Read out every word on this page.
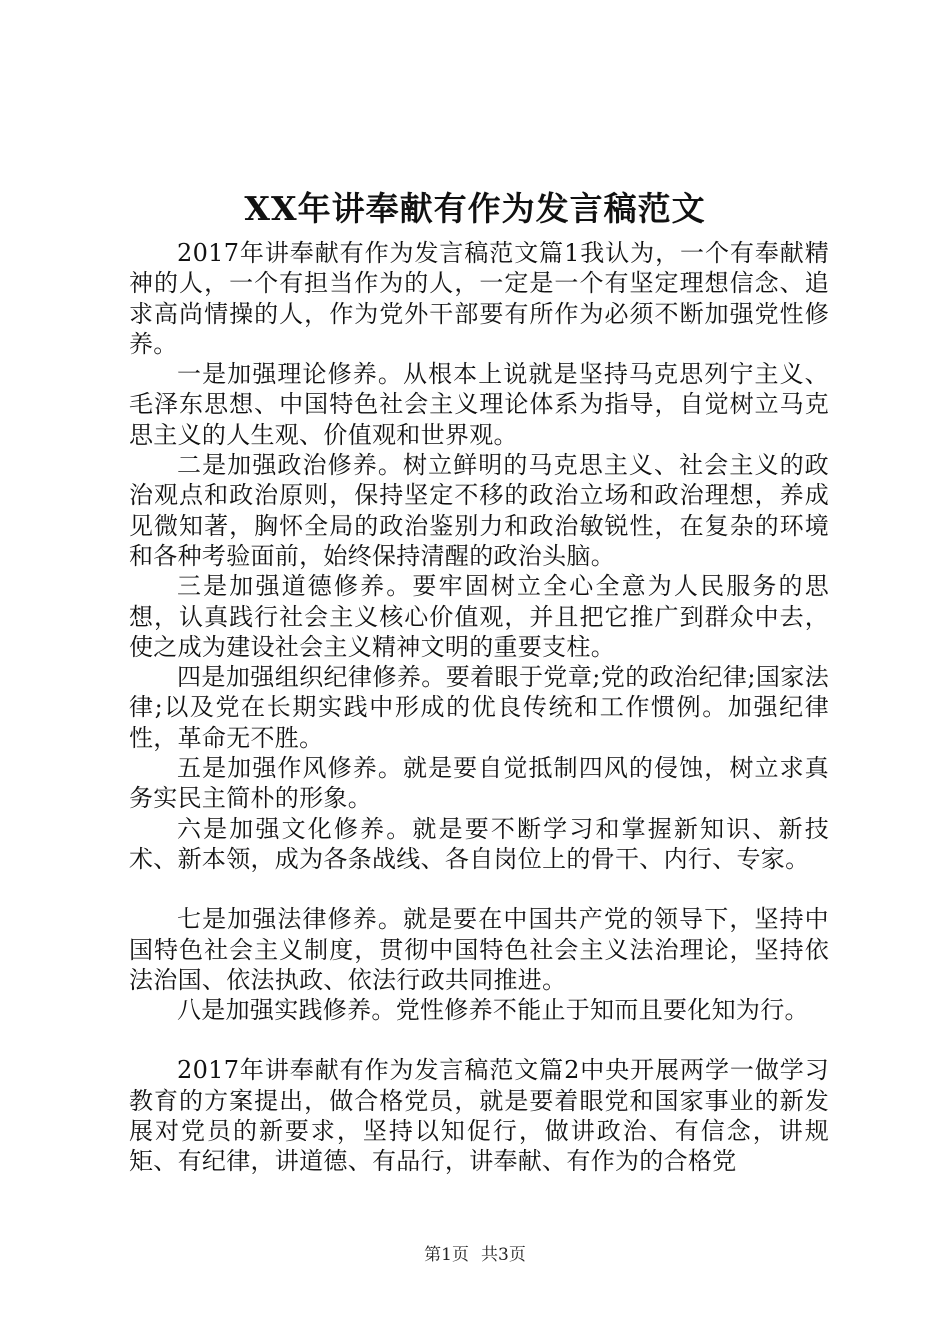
XX年讲奉献有作为发言稿范文

2017年讲奉献有作为发言稿范文篇1我认为，一个有奉献精神的人，一个有担当作为的人，一定是一个有坚定理想信念、追求高尚情操的人，作为党外干部要有所作为必须不断加强党性修养。

一是加强理论修养。从根本上说就是坚持马克思列宁主义、毛泽东思想、中国特色社会主义理论体系为指导，自觉树立马克思主义的人生观、价值观和世界观。

二是加强政治修养。树立鲜明的马克思主义、社会主义的政治观点和政治原则，保持坚定不移的政治立场和政治理想，养成见微知著，胸怀全局的政治鉴别力和政治敏锐性，在复杂的环境和各种考验面前，始终保持清醒的政治头脑。

三是加强道德修养。要牢固树立全心全意为人民服务的思想，认真践行社会主义核心价值观，并且把它推广到群众中去，使之成为建设社会主义精神文明的重要支柱。

四是加强组织纪律修养。要着眼于党章;党的政治纪律;国家法律;以及党在长期实践中形成的优良传统和工作惯例。加强纪律性，革命无不胜。

五是加强作风修养。就是要自觉抵制四风的侵蚀，树立求真务实民主简朴的形象。

六是加强文化修养。就是要不断学习和掌握新知识、新技术、新本领，成为各条战线、各自岗位上的骨干、内行、专家。

七是加强法律修养。就是要在中国共产党的领导下，坚持中国特色社会主义制度，贯彻中国特色社会主义法治理论，坚持依法治国、依法执政、依法行政共同推进。

八是加强实践修养。党性修养不能止于知而且要化知为行。

2017年讲奉献有作为发言稿范文篇2中央开展两学一做学习教育的方案提出，做合格党员，就是要着眼党和国家事业的新发展对党员的新要求，坚持以知促行，做讲政治、有信念，讲规矩、有纪律，讲道德、有品行，讲奉献、有作为的合格党

第1页 共3页
